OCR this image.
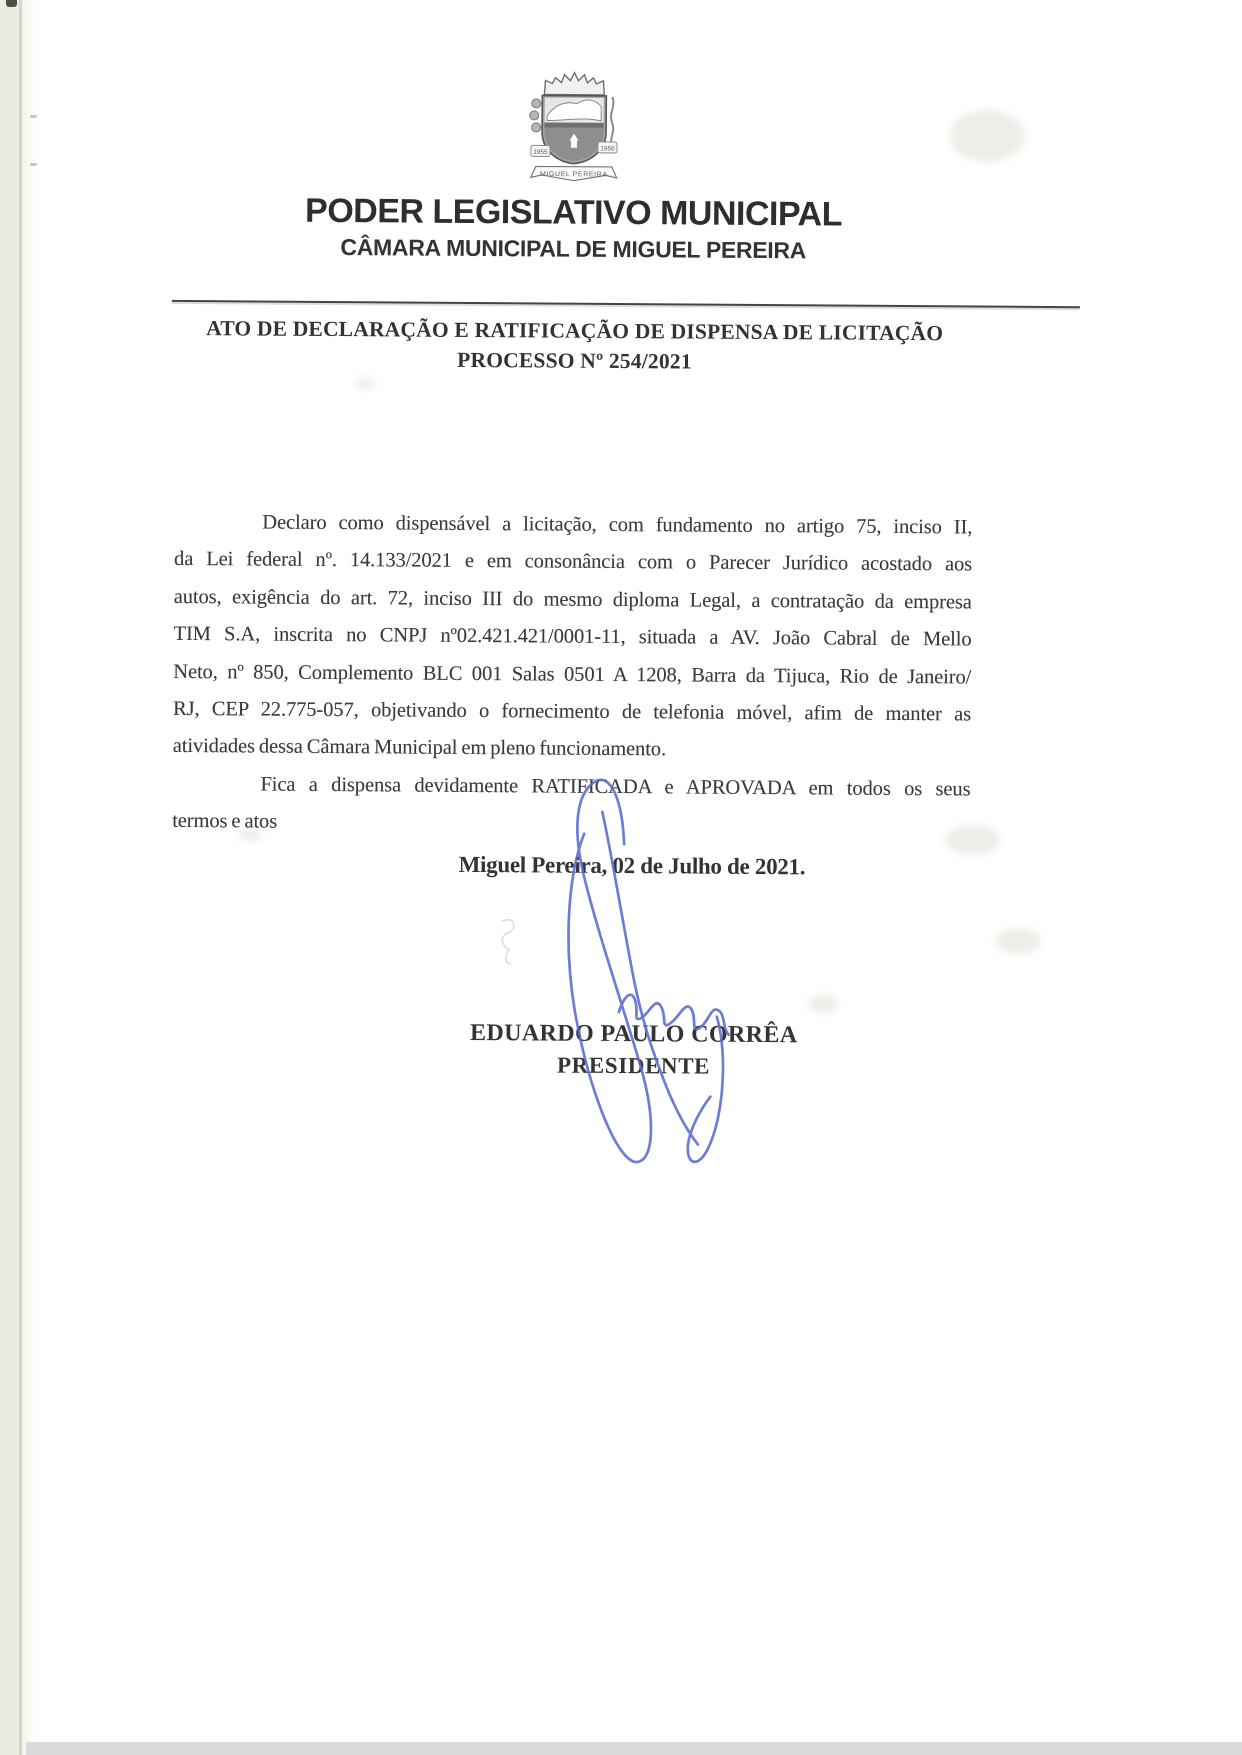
1955	1956
MIGUEL PEREIRA
PODER LEGISLATIVO MUNICIPAL
CÂMARA MUNICIPAL DE MIGUEL PEREIRA
ATO DE DECLARAÇÃO E RATIFICAÇÃO DE DISPENSA DE LICITAÇÃO
PROCESSO Nº 254/2021
Declaro como dispensável a licitação, com fundamento no artigo 75, inciso II,
da Lei federal nº. 14.133/2021 e em consonância com o Parecer Jurídico acostado aos
autos, exigência do art. 72, inciso III do mesmo diploma Legal, a contratação da empresa
TIM S.A, inscrita no CNPJ nº02.421.421/0001-11, situada a AV. João Cabral de Mello
Neto, nº 850, Complemento BLC 001 Salas 0501 A 1208, Barra da Tijuca, Rio de Janeiro/
RJ, CEP 22.775-057, objetivando o fornecimento de telefonia móvel, afim de manter as
atividades dessa Câmara Municipal em pleno funcionamento.
Fica a dispensa devidamente RATIFICADA e APROVADA em todos os seus
termos e atos
Miguel Pereira, 02 de Julho de 2021.
EDUARDO PAULO CORRÊA
PRESIDENTE
